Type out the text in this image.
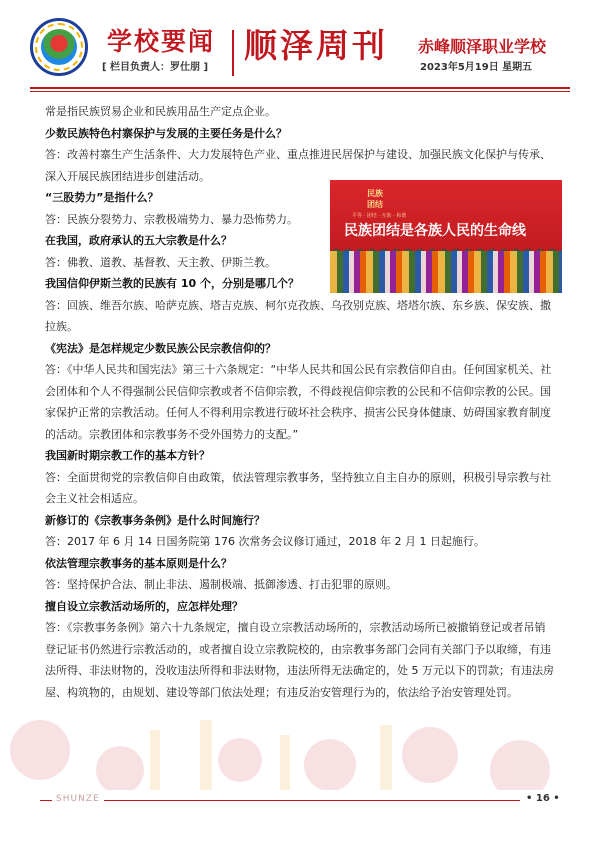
学校要闻
[ 栏目负责人：罗仕朋 ]
顺泽周刊 赤峰顺泽职业学校
2023年5月19日 星期五
民族
团结
平等 · 团结 · 互助 · 和谐
民族团结是各族人民的生命线

常是指民族贸易企业和民族用品生产定点企业。

少数民族特色村寨保护与发展的主要任务是什么？

答：改善村寨生产生活条件、大力发展特色产业、重点推进民居保护与建设、加强民族文化保护与传承、深入开展民族团结进步创建活动。

“三股势力”是指什么？

答：民族分裂势力、宗教极端势力、暴力恐怖势力。

在我国，政府承认的五大宗教是什么？

答：佛教、道教、基督教、天主教、伊斯兰教。

我国信仰伊斯兰教的民族有 10 个，分别是哪几个？

答：回族、维吾尔族、哈萨克族、塔吉克族、柯尔克孜族、乌孜别克族、塔塔尔族、东乡族、保安族、撒拉族。

《宪法》是怎样规定少数民族公民宗教信仰的？

答：《中华人民共和国宪法》第三十六条规定：“中华人民共和国公民有宗教信仰自由。任何国家机关、社会团体和个人不得强制公民信仰宗教或者不信仰宗教，不得歧视信仰宗教的公民和不信仰宗教的公民。国家保护正常的宗教活动。任何人不得利用宗教进行破坏社会秩序、损害公民身体健康、妨碍国家教育制度的活动。宗教团体和宗教事务不受外国势力的支配。”

我国新时期宗教工作的基本方针？

答：全面贯彻党的宗教信仰自由政策，依法管理宗教事务，坚持独立自主自办的原则，积极引导宗教与社会主义社会相适应。

新修订的《宗教事务条例》是什么时间施行？

答：2017 年 6 月 14 日国务院第 176 次常务会议修订通过，2018 年 2 月 1 日起施行。

依法管理宗教事务的基本原则是什么？

答：坚持保护合法、制止非法、遏制极端、抵御渗透、打击犯罪的原则。

擅自设立宗教活动场所的，应怎样处理？

答：《宗教事务条例》第六十九条规定，擅自设立宗教活动场所的，宗教活动场所已被撤销登记或者吊销登记证书仍然进行宗教活动的，或者擅自设立宗教院校的，由宗教事务部门会同有关部门予以取缔，有违法所得、非法财物的，没收违法所得和非法财物，违法所得无法确定的，处 5 万元以下的罚款；有违法房屋、构筑物的，由规划、建设等部门依法处理；有违反治安管理行为的，依法给予治安管理处罚。

SHUNZE	• 16 •
